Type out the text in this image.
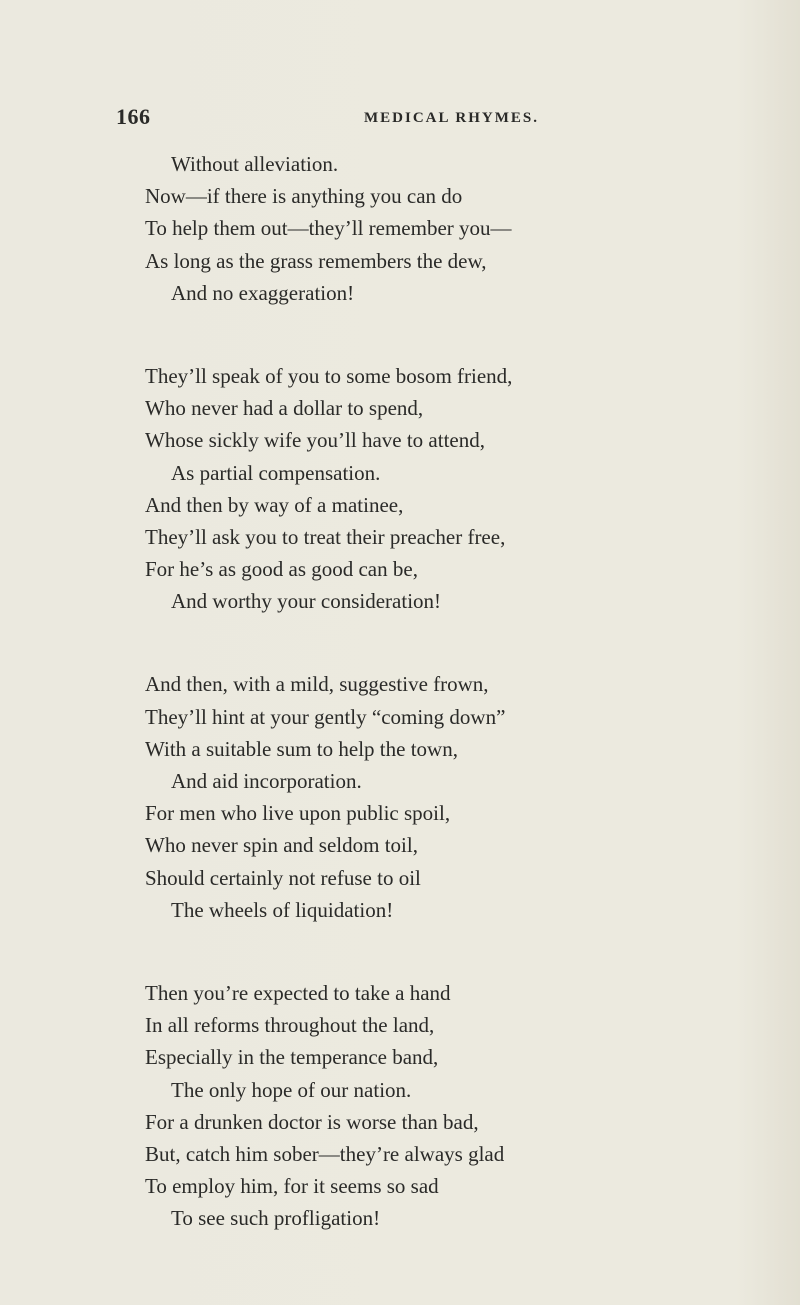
166	MEDICAL RHYMES.
Without alleviation.
Now—if there is anything you can do
To help them out—they’ll remember you—
As long as the grass remembers the dew,
And no exaggeration!
They’ll speak of you to some bosom friend,
Who never had a dollar to spend,
Whose sickly wife you’ll have to attend,
As partial compensation.
And then by way of a matinee,
They’ll ask you to treat their preacher free,
For he’s as good as good can be,
And worthy your consideration!
And then, with a mild, suggestive frown,
They’ll hint at your gently “coming down”
With a suitable sum to help the town,
And aid incorporation.
For men who live upon public spoil,
Who never spin and seldom toil,
Should certainly not refuse to oil
The wheels of liquidation!
Then you’re expected to take a hand
In all reforms throughout the land,
Especially in the temperance band,
The only hope of our nation.
For a drunken doctor is worse than bad,
But, catch him sober—they’re always glad
To employ him, for it seems so sad
To see such profligation!
